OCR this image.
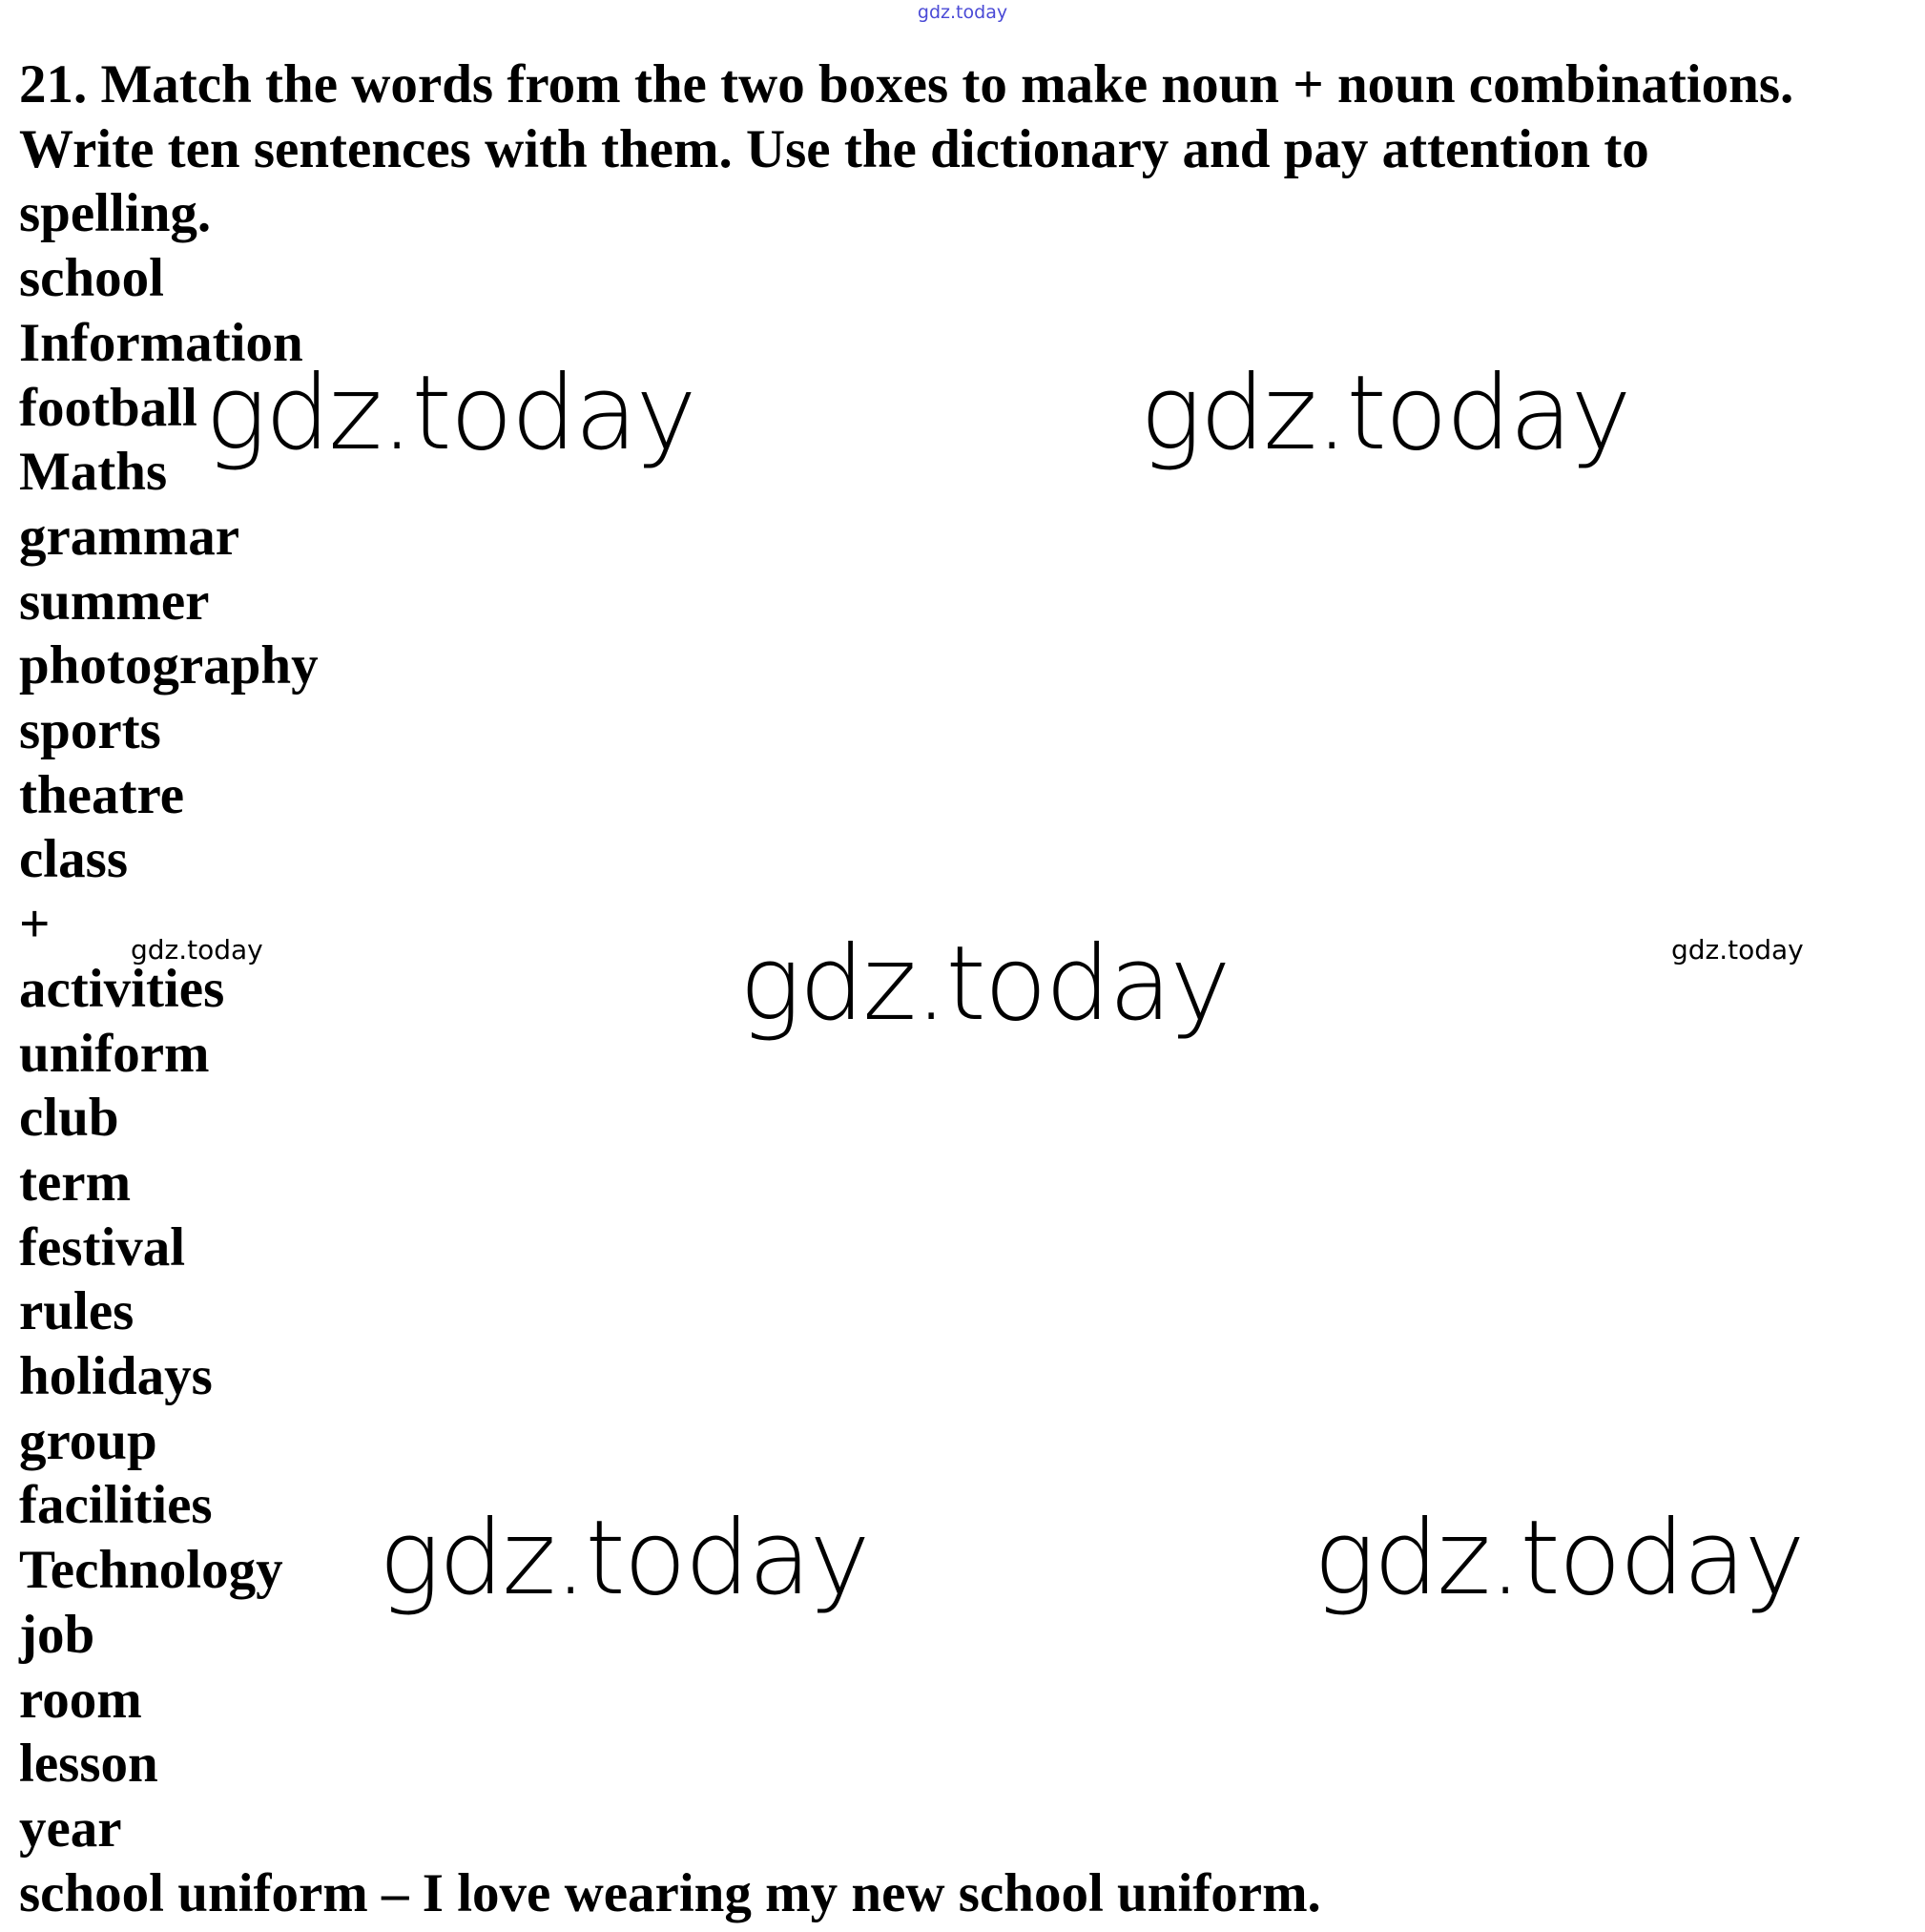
gdz.today
21. Match the words from the two boxes to make noun + noun combinations.
Write ten sentences with them. Use the dictionary and pay attention to
spelling.
school
Information
football
Maths
grammar
summer
photography
sports
theatre
class
+
activities
uniform
club
term
festival
rules
holidays
group
facilities
Technology
job
room
lesson
year
school uniform – I love wearing my new school uniform.
gdz.today	gdz.today
gdz.today	gdz.today	gdz.today
gdz.today	gdz.today
